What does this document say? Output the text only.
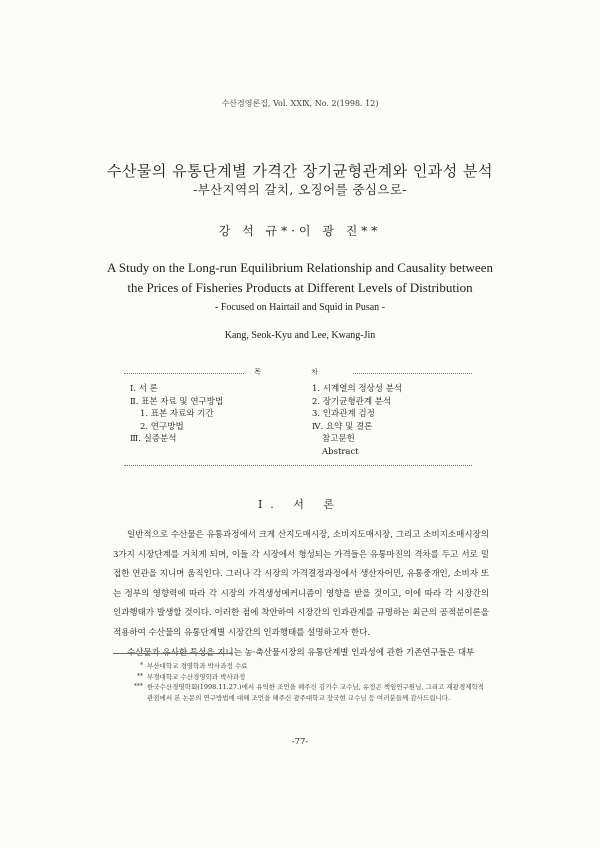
수산경영론집, Vol. ⅩⅩⅨ, No. 2(1998. 12)
수산물의 유통단계별 가격간 장기균형관계와 인과성 분석
-부산지역의 갈치, 오징어를 중심으로-
강 석 규*·이 광 진**
A Study on the Long-run Equilibrium Relationship and Causality between
the Prices of Fisheries Products at Different Levels of Distribution
- Focused on Hairtail and Squid in Pusan -
Kang, Seok-Kyu and Lee, Kwang-Jin
목 차
Ⅰ. 서 론
Ⅱ. 표본 자료 및 연구방법
1. 표본 자료와 기간
2. 연구방법
Ⅲ. 실증분석
1. 시계열의 정상성 분석
2. 장기균형관계 분석
3. 인과관계 검정
Ⅳ. 요약 및 결론
참고문헌
Abstract
Ⅰ. 서 론

일반적으로 수산물은 유통과정에서 크게 산지도매시장, 소비지도매시장, 그리고 소비지소매시장의 3가지 시장단계를 거치게 되며, 이들 각 시장에서 형성되는 가격들은 유통마진의 격차를 두고 서로 밀접한 연관을 지니며 움직인다. 그러나 각 시장의 가격결정과정에서 생산자어민, 유통중개인, 소비자 또는 정부의 영향력에 따라 각 시장의 가격생성메커니즘이 영향을 받을 것이고, 이에 따라 각 시장간의 인과행태가 발생할 것이다. 이러한 점에 착안하여 시장간의 인과관계를 규명하는 최근의 공적분이론을 적용하여 수산물의 유통단계별 시장간의 인과행태를 설명하고자 한다.

수산물과 유사한 특성을 지니는 농·축산물시장의 유통단계별 인과성에 관한 기존연구들은 대부

* 부산대학교 경영학과 박사과정 수료
** 부경대학교 수산경영학과 박사과정
*** 한국수산경영학회(1998.11.27.)에서 유익한 조언을 해주신 김기수 교수님, 유정곤 책임연구원님, 그리고 재광경제학적 관점에서 본 논문의 연구방법에 대해 조언을 해주신 광주대학교 장국현 교수님 등 여러분들께 감사드립니다.
-77-
